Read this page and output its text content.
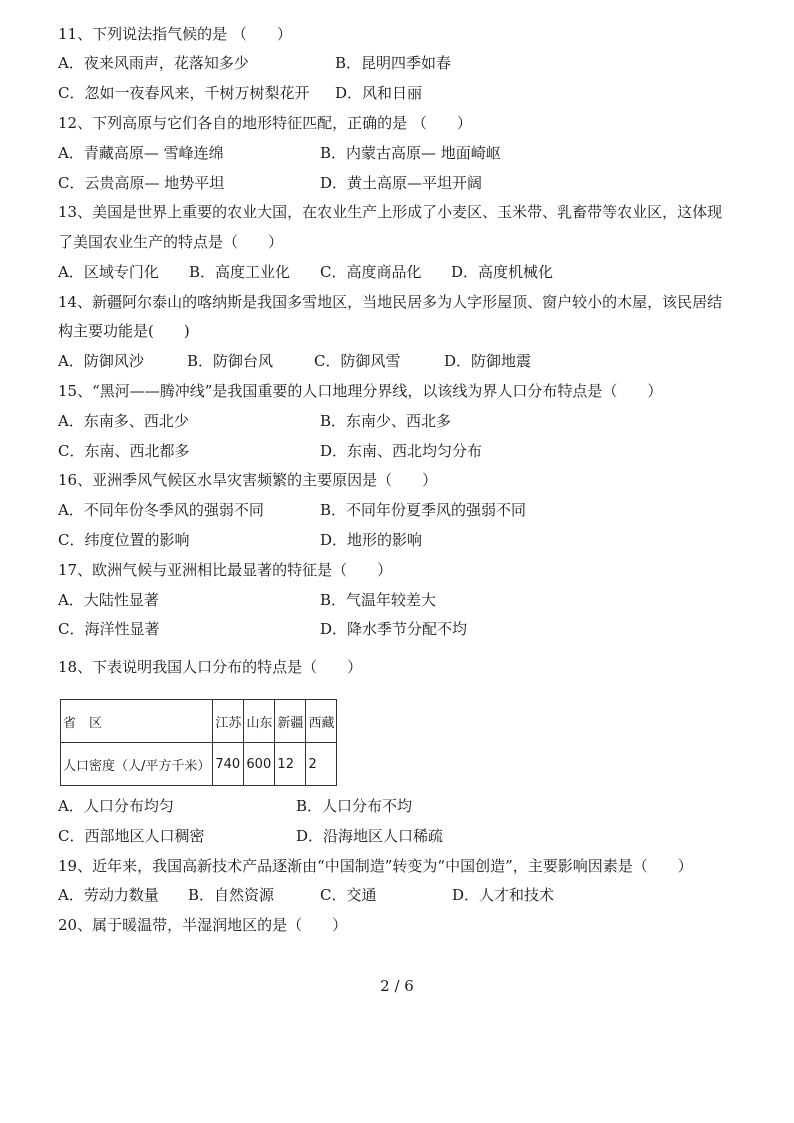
11、下列说法指气候的是 （　　）
A．夜来风雨声，花落知多少	B．昆明四季如春
C．忽如一夜春风来，千树万树梨花开 D．风和日丽
12、下列高原与它们各自的地形特征匹配，正确的是 （　　）
A．青藏高原— 雪峰连绵	B．内蒙古高原— 地面崎岖
C．云贵高原— 地势平坦	D．黄土高原—平坦开阔
13、美国是世界上重要的农业大国，在农业生产上形成了小麦区、玉米带、乳畜带等农业区，这体现
了美国农业生产的特点是（　　）
A．区域专门化 B．高度工业化 C．高度商品化 D．高度机械化
14、新疆阿尔泰山的喀纳斯是我国多雪地区，当地民居多为人字形屋顶、窗户较小的木屋，该民居结
构主要功能是(　　)
A．防御风沙	B．防御台风	C．防御风雪	D．防御地震
15、“黑河——腾冲线”是我国重要的人口地理分界线，以该线为界人口分布特点是（　　）
A．东南多、西北少	B．东南少、西北多
C．东南、西北都多	D．东南、西北均匀分布
16、亚洲季风气候区水旱灾害频繁的主要原因是（　　）
A．不同年份冬季风的强弱不同	B．不同年份夏季风的强弱不同
C．纬度位置的影响	D．地形的影响
17、欧洲气候与亚洲相比最显著的特征是（　　）
A．大陆性显著	B．气温年较差大
C．海洋性显著	D．降水季节分配不均
18、下表说明我国人口分布的特点是（　　）
省　区	江苏	山东	新疆	西藏
人口密度（人/平方千米）	740	600	12	2
A．人口分布均匀	B．人口分布不均
C．西部地区人口稠密	D．沿海地区人口稀疏
19、近年来，我国高新技术产品逐渐由“中国制造”转变为“中国创造”，主要影响因素是（　　）
A．劳动力数量 B．自然资源	C．交通	D．人才和技术
20、属于暖温带，半湿润地区的是（　　）
2 / 6
